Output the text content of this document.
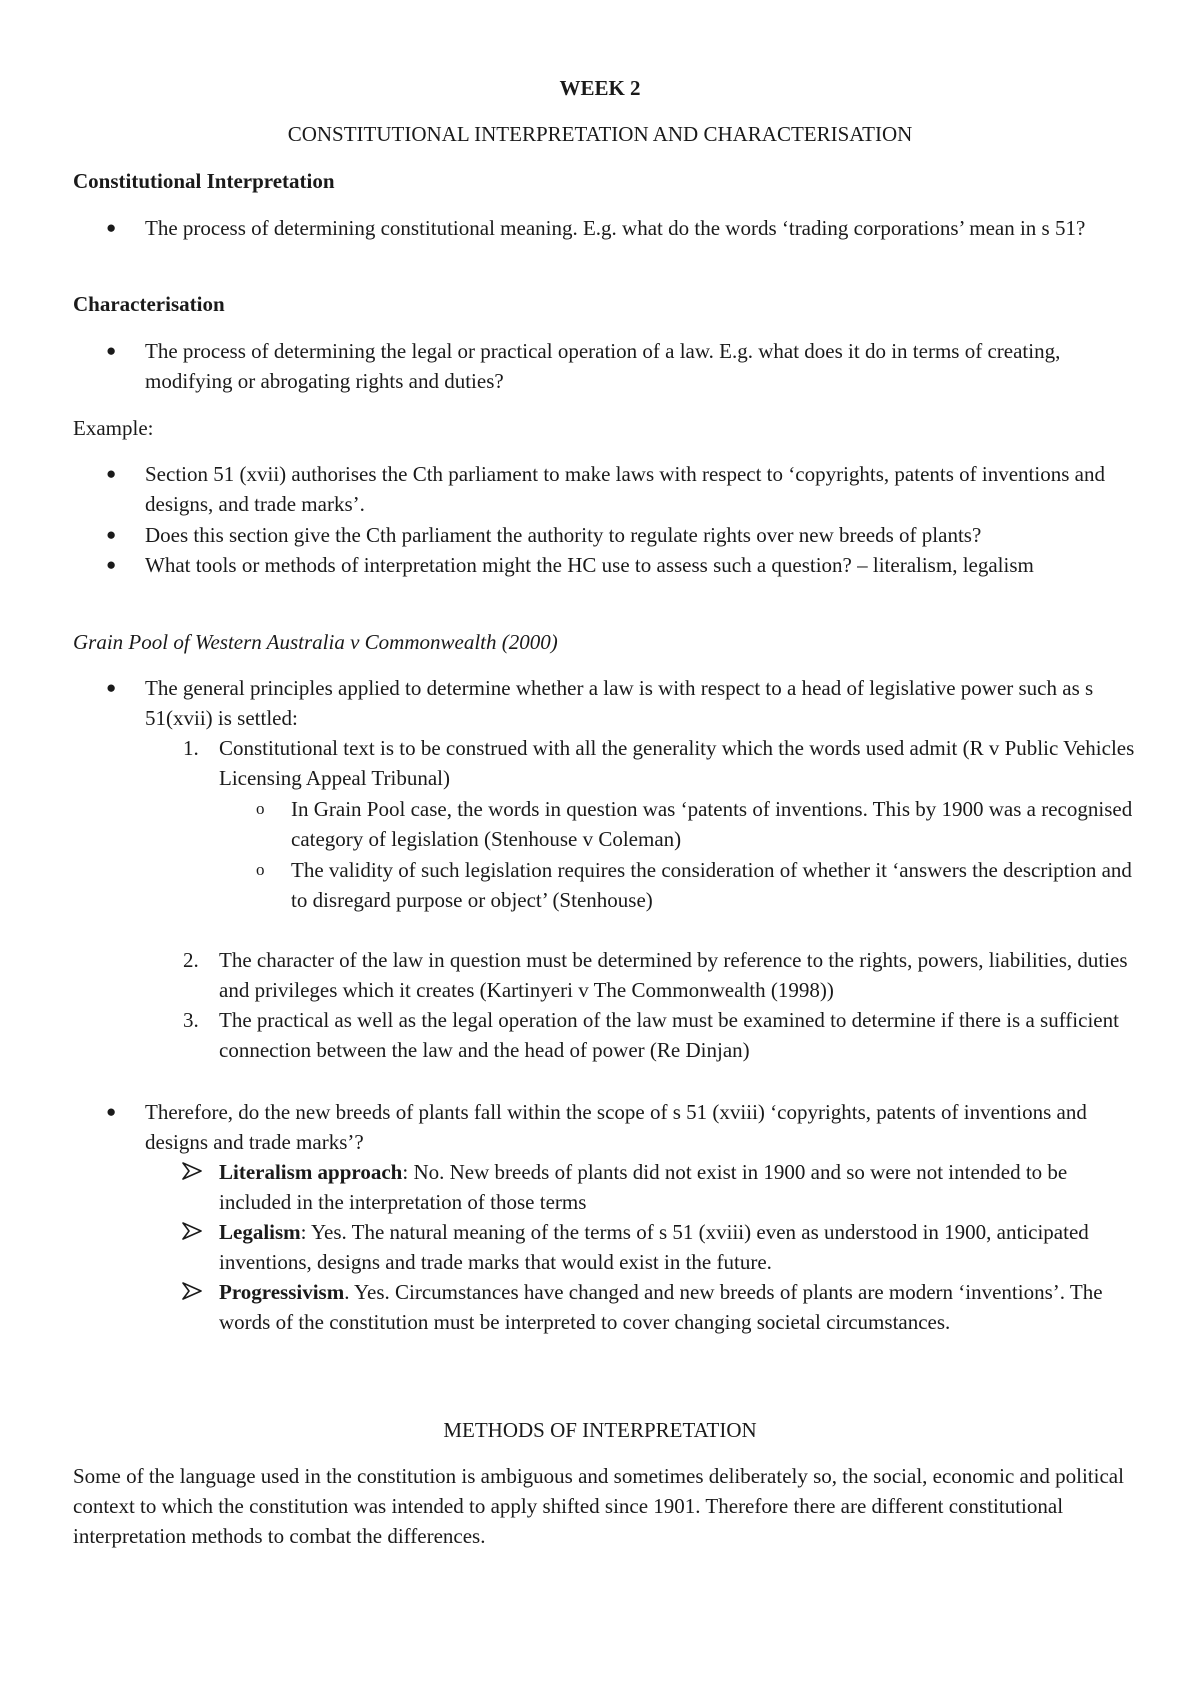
WEEK 2
CONSTITUTIONAL INTERPRETATION AND CHARACTERISATION
Constitutional Interpretation
● The process of determining constitutional meaning. E.g. what do the words ‘trading corporations’ mean in s 51?
Characterisation
● The process of determining the legal or practical operation of a law. E.g. what does it do in terms of creating, modifying or abrogating rights and duties?
Example:
● Section 51 (xvii) authorises the Cth parliament to make laws with respect to ‘copyrights, patents of inventions and designs, and trade marks’.
● Does this section give the Cth parliament the authority to regulate rights over new breeds of plants?
● What tools or methods of interpretation might the HC use to assess such a question? – literalism, legalism
Grain Pool of Western Australia v Commonwealth (2000)
● The general principles applied to determine whether a law is with respect to a head of legislative power such as s 51(xvii) is settled:
1. Constitutional text is to be construed with all the generality which the words used admit (R v Public Vehicles Licensing Appeal Tribunal)
o In Grain Pool case, the words in question was ‘patents of inventions. This by 1900 was a recognised category of legislation (Stenhouse v Coleman)
o The validity of such legislation requires the consideration of whether it ‘answers the description and to disregard purpose or object’ (Stenhouse)
2. The character of the law in question must be determined by reference to the rights, powers, liabilities, duties and privileges which it creates (Kartinyeri v The Commonwealth (1998))
3. The practical as well as the legal operation of the law must be examined to determine if there is a sufficient connection between the law and the head of power (Re Dinjan)
● Therefore, do the new breeds of plants fall within the scope of s 51 (xviii) ‘copyrights, patents of inventions and designs and trade marks’?
Literalism approach: No. New breeds of plants did not exist in 1900 and so were not intended to be included in the interpretation of those terms
Legalism: Yes. The natural meaning of the terms of s 51 (xviii) even as understood in 1900, anticipated inventions, designs and trade marks that would exist in the future.
Progressivism. Yes. Circumstances have changed and new breeds of plants are modern ‘inventions’. The words of the constitution must be interpreted to cover changing societal circumstances.
METHODS OF INTERPRETATION
Some of the language used in the constitution is ambiguous and sometimes deliberately so, the social, economic and political context to which the constitution was intended to apply shifted since 1901. Therefore there are different constitutional interpretation methods to combat the differences.
